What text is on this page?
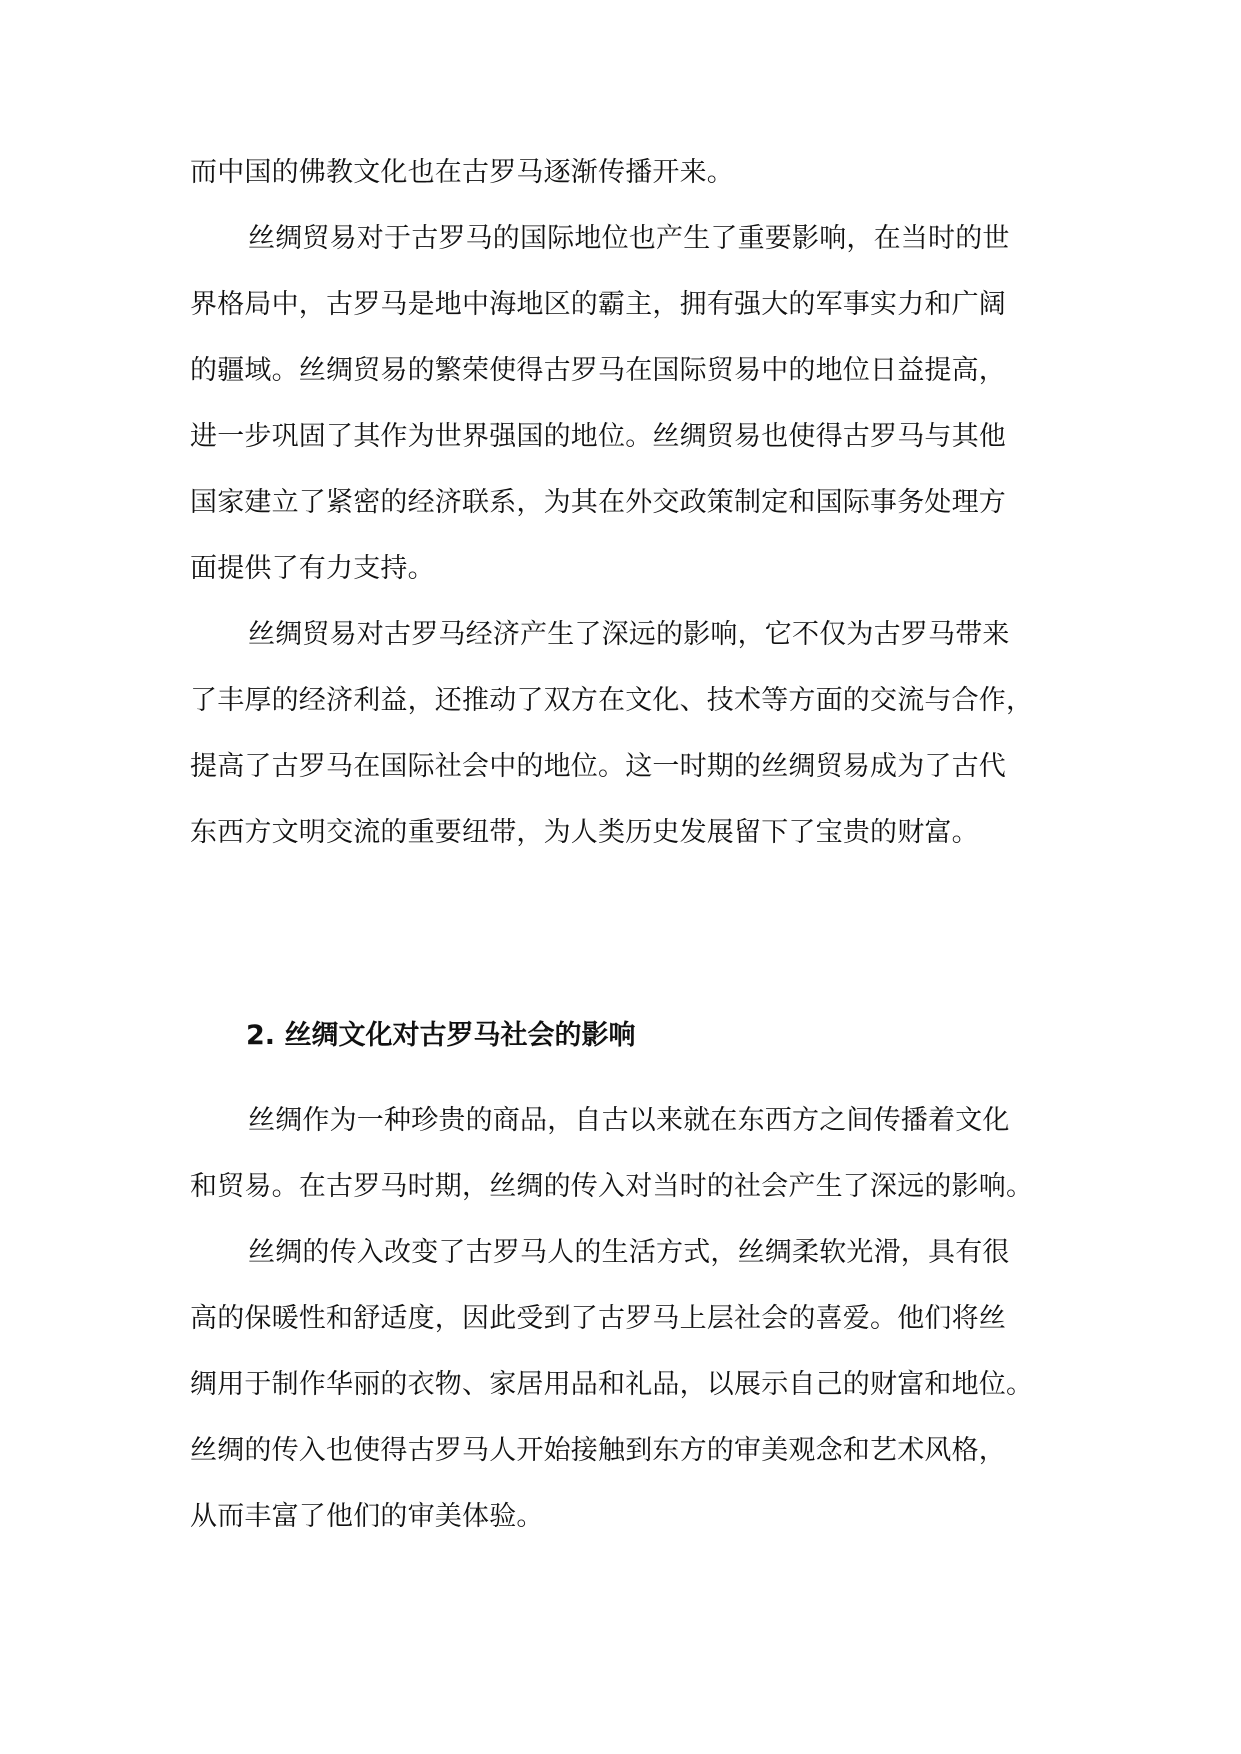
而中国的佛教文化也在古罗马逐渐传播开来。
丝绸贸易对于古罗马的国际地位也产生了重要影响，在当时的世
界格局中，古罗马是地中海地区的霸主，拥有强大的军事实力和广阔
的疆域。丝绸贸易的繁荣使得古罗马在国际贸易中的地位日益提高，
进一步巩固了其作为世界强国的地位。丝绸贸易也使得古罗马与其他
国家建立了紧密的经济联系，为其在外交政策制定和国际事务处理方
面提供了有力支持。
丝绸贸易对古罗马经济产生了深远的影响，它不仅为古罗马带来
了丰厚的经济利益，还推动了双方在文化、技术等方面的交流与合作，
提高了古罗马在国际社会中的地位。这一时期的丝绸贸易成为了古代
东西方文明交流的重要纽带，为人类历史发展留下了宝贵的财富。
2. 丝绸文化对古罗马社会的影响
丝绸作为一种珍贵的商品，自古以来就在东西方之间传播着文化
和贸易。在古罗马时期，丝绸的传入对当时的社会产生了深远的影响。
丝绸的传入改变了古罗马人的生活方式，丝绸柔软光滑，具有很
高的保暖性和舒适度，因此受到了古罗马上层社会的喜爱。他们将丝
绸用于制作华丽的衣物、家居用品和礼品，以展示自己的财富和地位。
丝绸的传入也使得古罗马人开始接触到东方的审美观念和艺术风格，
从而丰富了他们的审美体验。
